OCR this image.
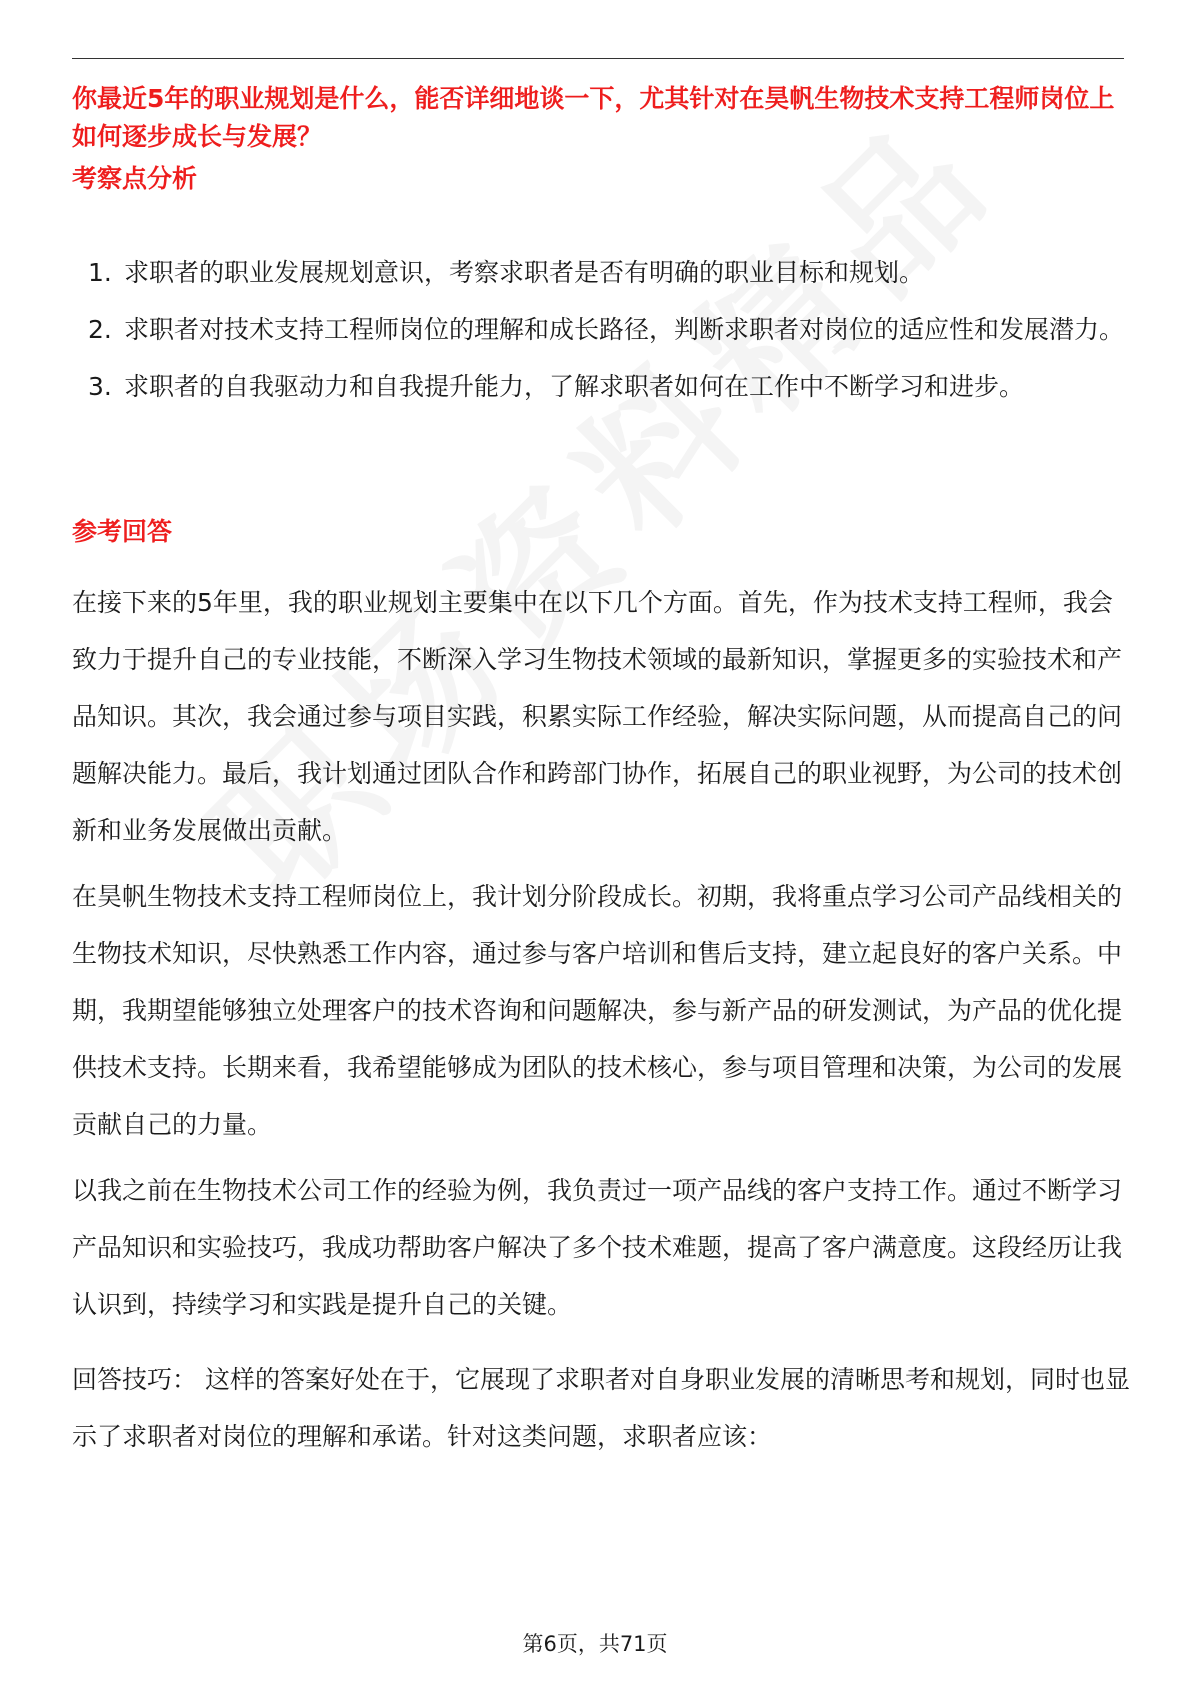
你最近5年的职业规划是什么，能否详细地谈一下，尤其针对在昊帆生物技术支持工程师岗位上如何逐步成长与发展？
考察点分析
1. 求职者的职业发展规划意识，考察求职者是否有明确的职业目标和规划。
2. 求职者对技术支持工程师岗位的理解和成长路径，判断求职者对岗位的适应性和发展潜力。
3. 求职者的自我驱动力和自我提升能力，了解求职者如何在工作中不断学习和进步。
参考回答

在接下来的5年里，我的职业规划主要集中在以下几个方面。首先，作为技术支持工程师，我会致力于提升自己的专业技能，不断深入学习生物技术领域的最新知识，掌握更多的实验技术和产品知识。其次，我会通过参与项目实践，积累实际工作经验，解决实际问题，从而提高自己的问题解决能力。最后，我计划通过团队合作和跨部门协作，拓展自己的职业视野，为公司的技术创新和业务发展做出贡献。

在昊帆生物技术支持工程师岗位上，我计划分阶段成长。初期，我将重点学习公司产品线相关的生物技术知识，尽快熟悉工作内容，通过参与客户培训和售后支持，建立起良好的客户关系。中期，我期望能够独立处理客户的技术咨询和问题解决，参与新产品的研发测试，为产品的优化提供技术支持。长期来看，我希望能够成为团队的技术核心，参与项目管理和决策，为公司的发展贡献自己的力量。

以我之前在生物技术公司工作的经验为例，我负责过一项产品线的客户支持工作。通过不断学习产品知识和实验技巧，我成功帮助客户解决了多个技术难题，提高了客户满意度。这段经历让我认识到，持续学习和实践是提升自己的关键。

回答技巧： 这样的答案好处在于，它展现了求职者对自身职业发展的清晰思考和规划，同时也显示了求职者对岗位的理解和承诺。针对这类问题，求职者应该：

第6页，共71页
